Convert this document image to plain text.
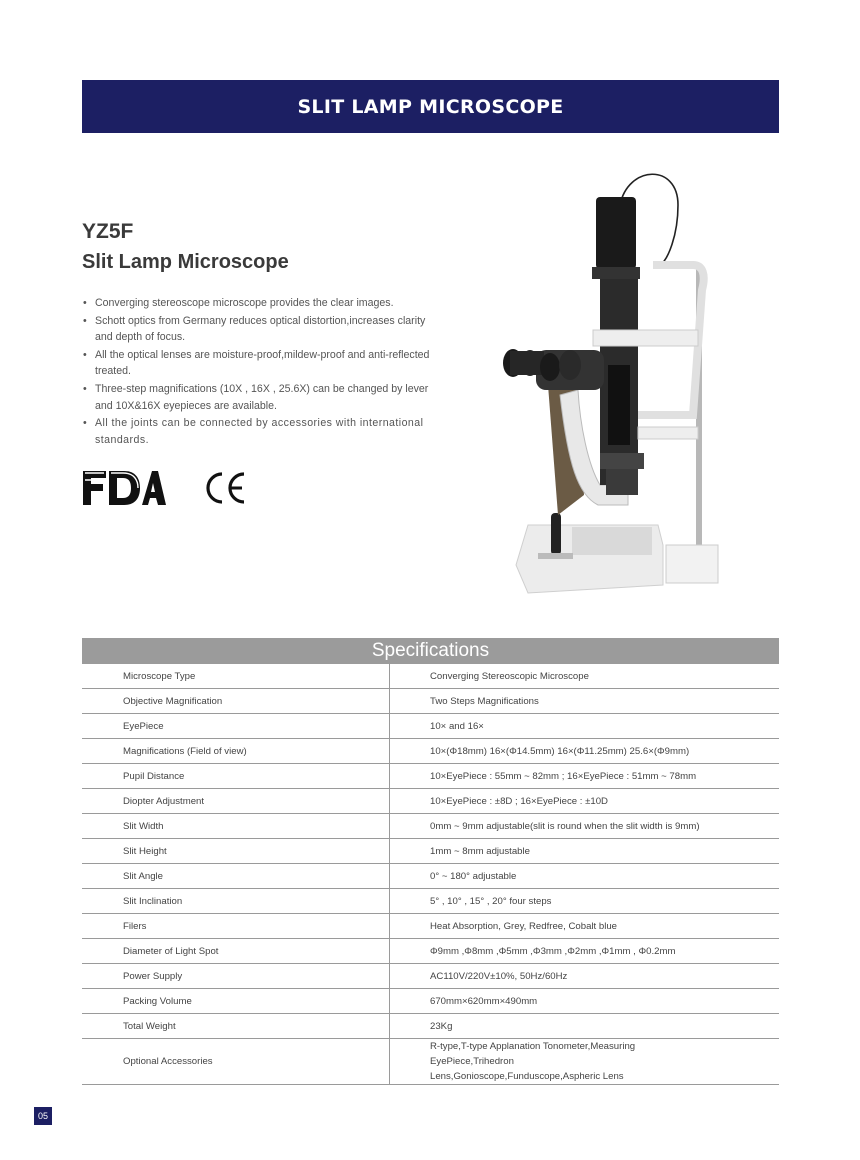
SLIT LAMP MICROSCOPE
YZ5F
Slit Lamp Microscope
• Converging stereoscope microscope provides the clear images.
• Schott optics from Germany reduces optical distortion,increases clarity and depth of focus.
• All the optical lenses are moisture-proof,mildew-proof and anti-reflected treated.
• Three-step magnifications (10X , 16X , 25.6X) can be changed by lever and 10X&16X eyepieces are available.
• All the joints can be connected by accessories with international standards.
Specifications
Microscope Type	Converging Stereoscopic Microscope
Objective Magnification	Two Steps Magnifications
EyePiece	10× and 16×
Magnifications (Field of view)	10×(Φ18mm) 16×(Φ14.5mm) 16×(Φ11.25mm) 25.6×(Φ9mm)
Pupil Distance	10×EyePiece : 55mm ~ 82mm ; 16×EyePiece : 51mm ~ 78mm
Diopter Adjustment	10×EyePiece : ±8D ; 16×EyePiece : ±10D
Slit Width	0mm ~ 9mm adjustable(slit is round when the slit width is 9mm)
Slit Height	1mm ~ 8mm adjustable
Slit Angle	0° ~ 180° adjustable
Slit Inclination	5° , 10° , 15° , 20° four steps
Filers	Heat Absorption, Grey, Redfree, Cobalt blue
Diameter of Light Spot	Φ9mm ,Φ8mm ,Φ5mm ,Φ3mm ,Φ2mm ,Φ1mm , Φ0.2mm
Power Supply	AC110V/220V±10%, 50Hz/60Hz
Packing Volume	670mm×620mm×490mm
Total Weight	23Kg
Optional Accessories	R-type,T-type Applanation Tonometer,Measuring EyePiece,Trihedron Lens,Gonioscope,Funduscope,Aspheric Lens
05
